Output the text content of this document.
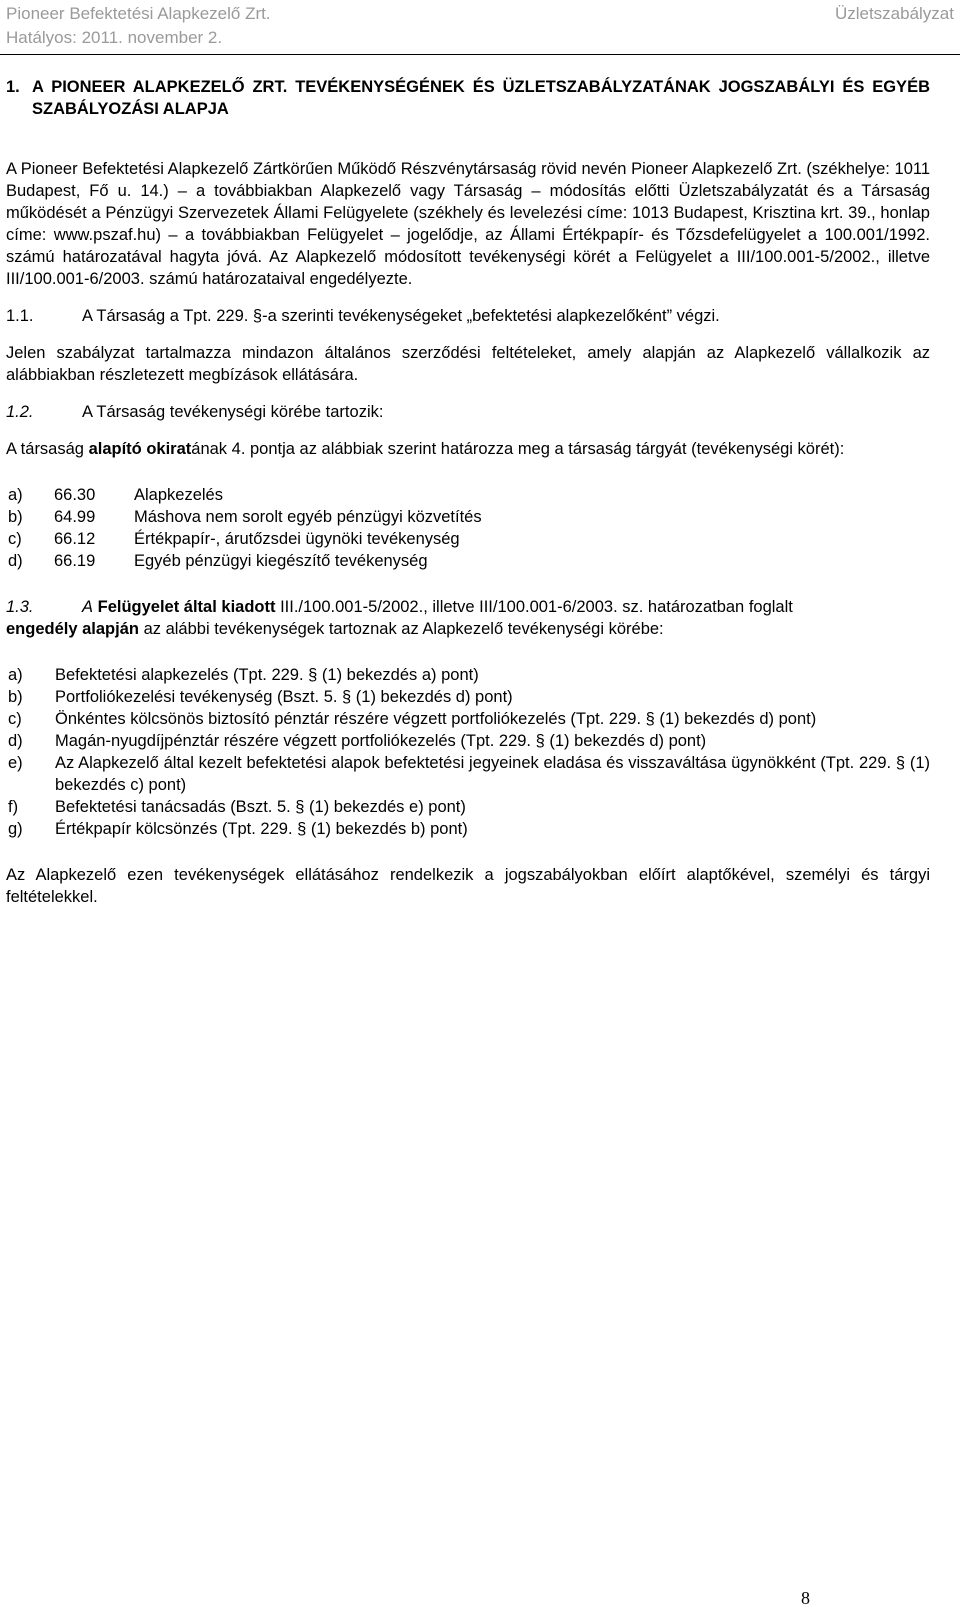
Pioneer Befektetési Alapkezelő Zrt.	Üzletszabályzat
Hatályos: 2011. november 2.
1. A PIONEER ALAPKEZELŐ ZRT. TEVÉKENYSÉGÉNEK ÉS ÜZLETSZABÁLYZATÁNAK JOGSZABÁLYI ÉS EGYÉB SZABÁLYOZÁSI ALAPJA

A Pioneer Befektetési Alapkezelő Zártkörűen Működő Részvénytársaság rövid nevén Pioneer Alapkezelő Zrt. (székhelye: 1011 Budapest, Fő u. 14.) – a továbbiakban Alapkezelő vagy Társaság – módosítás előtti Üzletszabályzatát és a Társaság működését a Pénzügyi Szervezetek Állami Felügyelete (székhely és levelezési címe: 1013 Budapest, Krisztina krt. 39., honlap címe: www.pszaf.hu) – a továbbiakban Felügyelet – jogelődje, az Állami Értékpapír- és Tőzsdefelügyelet a 100.001/1992. számú határozatával hagyta jóvá. Az Alapkezelő módosított tevékenységi körét a Felügyelet a III/100.001-5/2002., illetve III/100.001-6/2003. számú határozataival engedélyezte.

1.1.	A Társaság a Tpt. 229. §-a szerinti tevékenységeket „befektetési alapkezelőként” végzi.

Jelen szabályzat tartalmazza mindazon általános szerződési feltételeket, amely alapján az Alapkezelő vállalkozik az alábbiakban részletezett megbízások ellátására.

1.2.	A Társaság tevékenységi körébe tartozik:

A társaság alapító okiratának 4. pontja az alábbiak szerint határozza meg a társaság tárgyát (tevékenységi körét):

a)	66.30	Alapkezelés
b)	64.99	Máshova nem sorolt egyéb pénzügyi közvetítés
c)	66.12	Értékpapír-, árutőzsdei ügynöki tevékenység
d)	66.19	Egyéb pénzügyi kiegészítő tevékenység

1.3.	A Felügyelet által kiadott III./100.001-5/2002., illetve III/100.001-6/2003. sz. határozatban foglalt

engedély alapján az alábbi tevékenységek tartoznak az Alapkezelő tevékenységi körébe:

a)	Befektetési alapkezelés (Tpt. 229. § (1) bekezdés a) pont)
b)	Portfoliókezelési tevékenység (Bszt. 5. § (1) bekezdés d) pont)
c)	Önkéntes kölcsönös biztosító pénztár részére végzett portfoliókezelés (Tpt. 229. § (1) bekezdés d) pont)
d)	Magán-nyugdíjpénztár részére végzett portfoliókezelés (Tpt. 229. § (1) bekezdés d) pont)
e)	Az Alapkezelő által kezelt befektetési alapok befektetési jegyeinek eladása és visszaváltása ügynökként (Tpt. 229. § (1) bekezdés c) pont)
f)	Befektetési tanácsadás (Bszt. 5. § (1) bekezdés e) pont)
g)	Értékpapír kölcsönzés (Tpt. 229. § (1) bekezdés b) pont)

Az Alapkezelő ezen tevékenységek ellátásához rendelkezik a jogszabályokban előírt alaptőkével, személyi és tárgyi feltételekkel.

8
